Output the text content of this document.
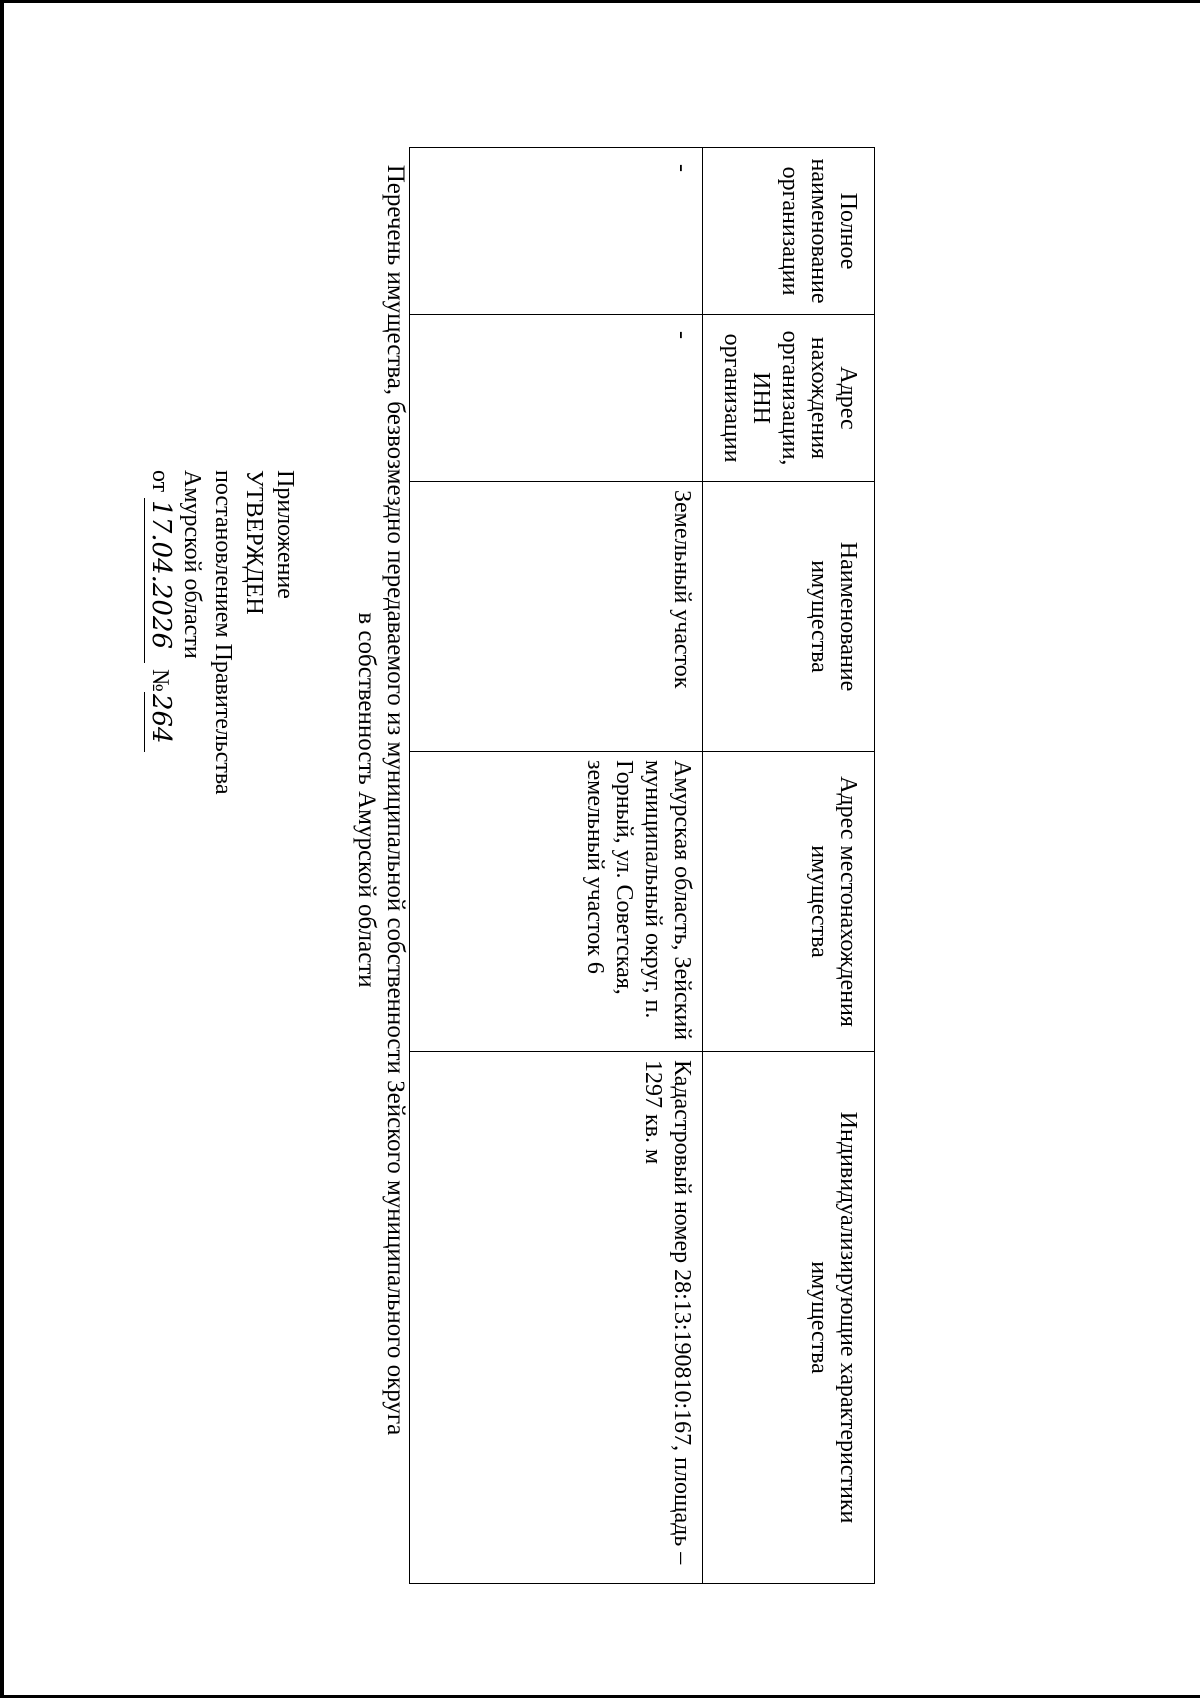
Приложение
УТВЕРЖДЕН
постановлением Правительства
Амурской области
от 17.04.2026 №264	Перечень имущества, безвозмездно передаваемого из муниципальной собственности Зейского муниципального округа
в собственность Амурской области
Полное наименование организации	Адрес нахождения организации, ИНН организации	Наименование имущества	Адрес местонахождения имущества	Индивидуализирующие характеристики имущества
-	-	Земельный участок	Амурская область, Зейский муниципальный округ, п. Горный, ул. Советская, земельный участок 6	Кадастровый номер 28:13:190810:167, площадь – 1297 кв. м
